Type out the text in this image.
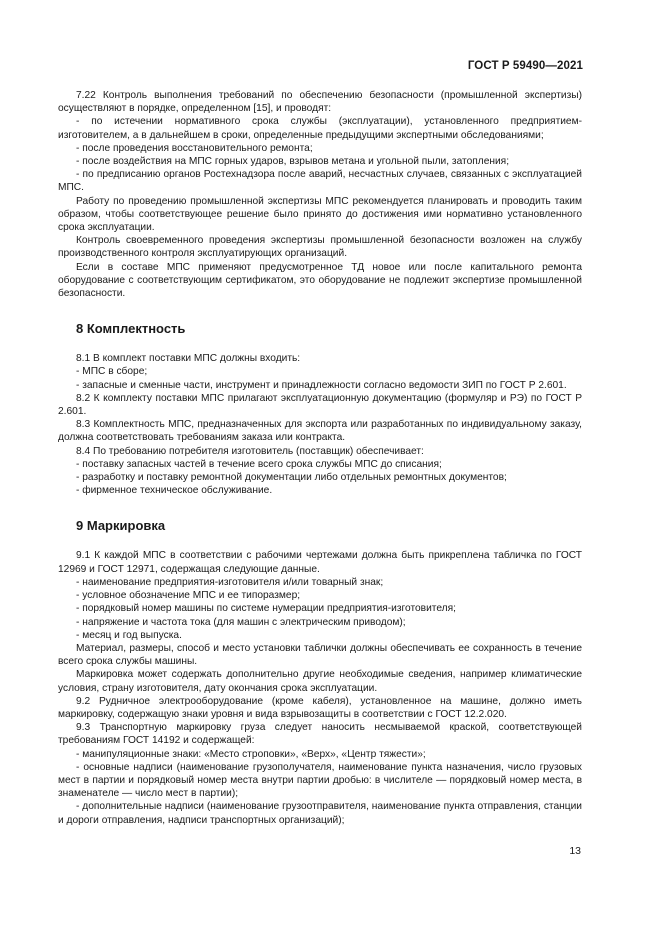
ГОСТ Р 59490—2021

7.22 Контроль выполнения требований по обеспечению безопасности (промышленной экспертизы) осуществляют в порядке, определенном [15], и проводят:

- по истечении нормативного срока службы (эксплуатации), установленного предприятием-изготовителем, а в дальнейшем в сроки, определенные предыдущими экспертными обследованиями;

- после проведения восстановительного ремонта;

- после воздействия на МПС горных ударов, взрывов метана и угольной пыли, затопления;

- по предписанию органов Ростехнадзора после аварий, несчастных случаев, связанных с эксплуатацией МПС.

Работу по проведению промышленной экспертизы МПС рекомендуется планировать и проводить таким образом, чтобы соответствующее решение было принято до достижения ими нормативно установленного срока эксплуатации.

Контроль своевременного проведения экспертизы промышленной безопасности возложен на службу производственного контроля эксплуатирующих организаций.

Если в составе МПС применяют предусмотренное ТД новое или после капитального ремонта оборудование с соответствующим сертификатом, это оборудование не подлежит экспертизе промышленной безопасности.

8 Комплектность

8.1 В комплект поставки МПС должны входить:

- МПС в сборе;

- запасные и сменные части, инструмент и принадлежности согласно ведомости ЗИП по ГОСТ Р 2.601.

8.2 К комплекту поставки МПС прилагают эксплуатационную документацию (формуляр и РЭ) по ГОСТ Р 2.601.

8.3 Комплектность МПС, предназначенных для экспорта или разработанных по индивидуальному заказу, должна соответствовать требованиям заказа или контракта.

8.4 По требованию потребителя изготовитель (поставщик) обеспечивает:

- поставку запасных частей в течение всего срока службы МПС до списания;

- разработку и поставку ремонтной документации либо отдельных ремонтных документов;

- фирменное техническое обслуживание.

9 Маркировка

9.1 К каждой МПС в соответствии с рабочими чертежами должна быть прикреплена табличка по ГОСТ 12969 и ГОСТ 12971, содержащая следующие данные.

- наименование предприятия-изготовителя и/или товарный знак;

- условное обозначение МПС и ее типоразмер;

- порядковый номер машины по системе нумерации предприятия-изготовителя;

- напряжение и частота тока (для машин с электрическим приводом);

- месяц и год выпуска.

Материал, размеры, способ и место установки таблички должны обеспечивать ее сохранность в течение всего срока службы машины.

Маркировка может содержать дополнительно другие необходимые сведения, например климатические условия, страну изготовителя, дату окончания срока эксплуатации.

9.2 Рудничное электрооборудование (кроме кабеля), установленное на машине, должно иметь маркировку, содержащую знаки уровня и вида взрывозащиты в соответствии с ГОСТ 12.2.020.

9.3 Транспортную маркировку груза следует наносить несмываемой краской, соответствующей требованиям ГОСТ 14192 и содержащей:

- манипуляционные знаки: «Место строповки», «Верх», «Центр тяжести»;

- основные надписи (наименование грузополучателя, наименование пункта назначения, число грузовых мест в партии и порядковый номер места внутри партии дробью: в числителе — порядковый номер места, в знаменателе — число мест в партии);

- дополнительные надписи (наименование грузоотправителя, наименование пункта отправления, станции и дороги отправления, надписи транспортных организаций);

13
